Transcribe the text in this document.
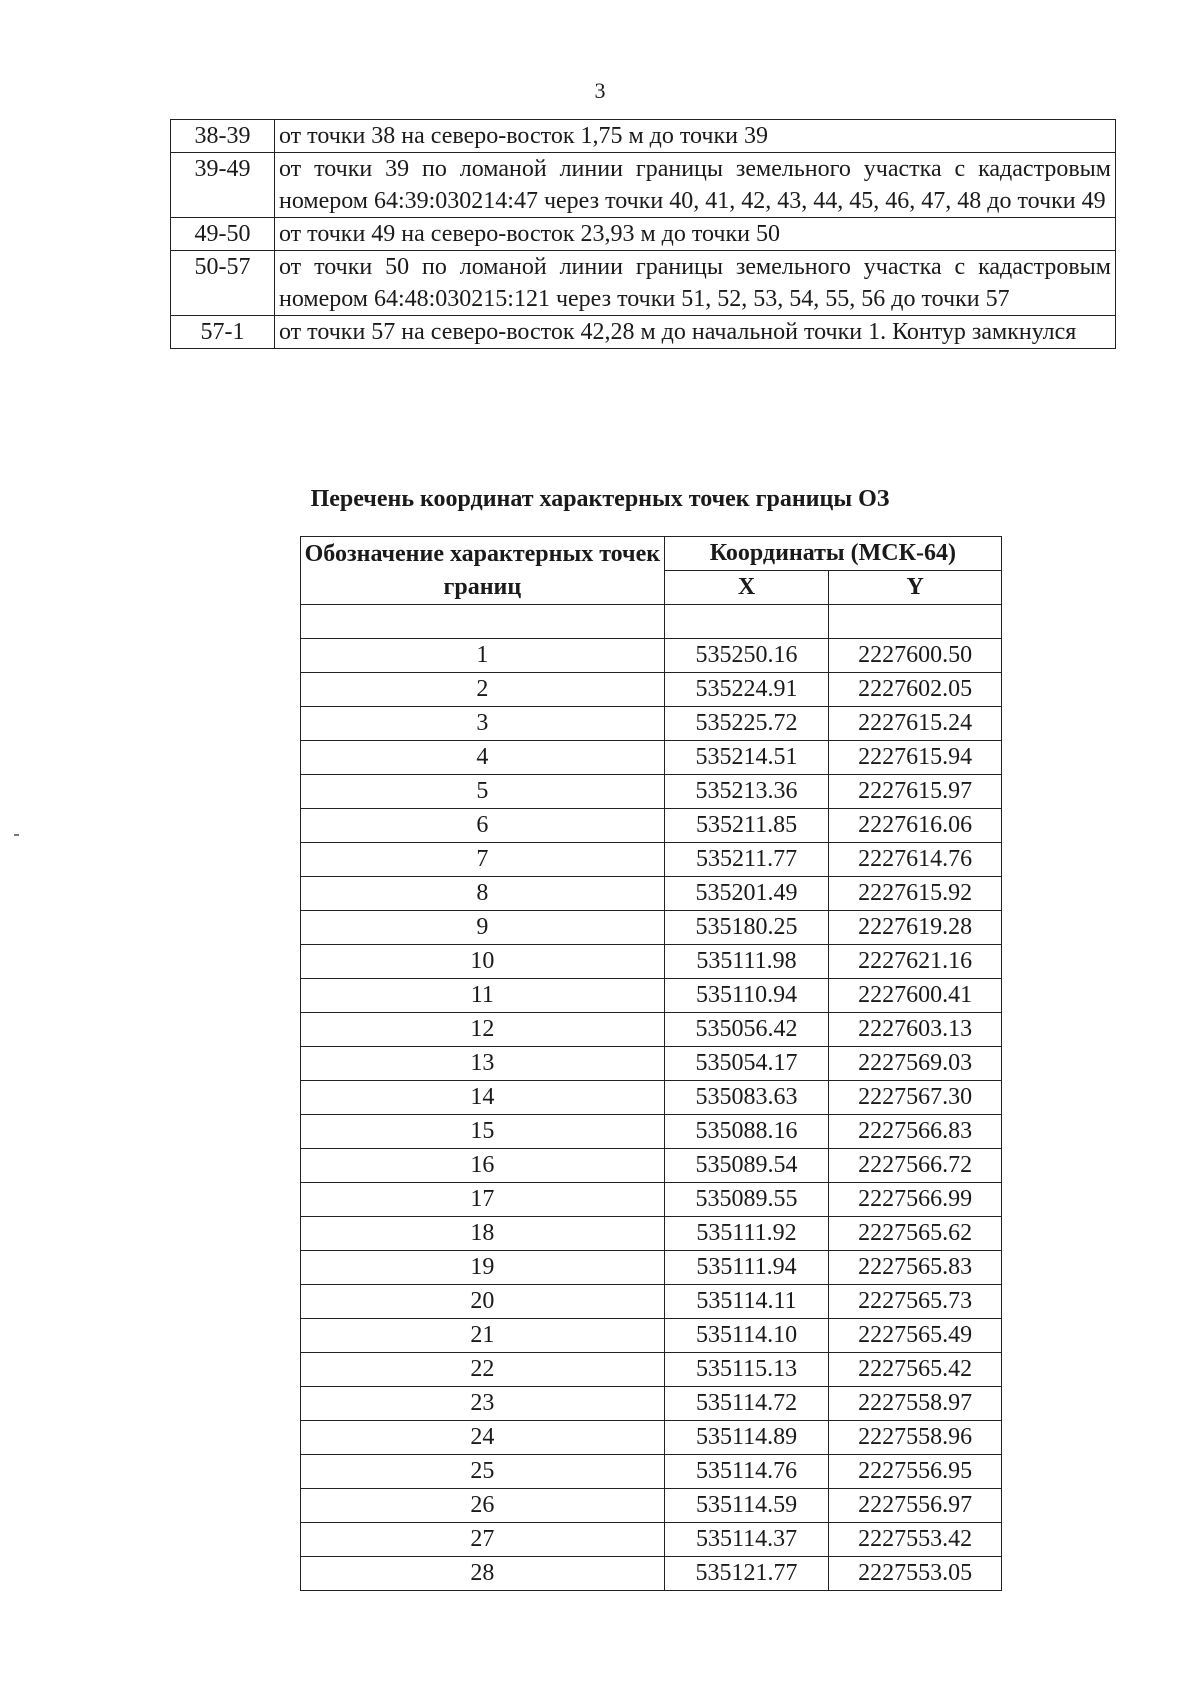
3
38-39	от точки 38 на северо-восток 1,75 м до точки 39
39-49	от точки 39 по ломаной линии границы земельного участка с кадастровым номером 64:39:030214:47 через точки 40, 41, 42, 43, 44, 45, 46, 47, 48 до точки 49
49-50	от точки 49 на северо-восток 23,93 м до точки 50
50-57	от точки 50 по ломаной линии границы земельного участка с кадастровым номером 64:48:030215:121 через точки 51, 52, 53, 54, 55, 56 до точки 57
57-1	от точки 57 на северо-восток 42,28 м до начальной точки 1. Контур замкнулся
Перечень координат характерных точек границы ОЗ
Обозначение характерных точек границ	Координаты (МСК-64)	
	X	Y

1	535250.16	2227600.50
2	535224.91	2227602.05
3	535225.72	2227615.24
4	535214.51	2227615.94
5	535213.36	2227615.97
6	535211.85	2227616.06
7	535211.77	2227614.76
8	535201.49	2227615.92
9	535180.25	2227619.28
10	535111.98	2227621.16
11	535110.94	2227600.41
12	535056.42	2227603.13
13	535054.17	2227569.03
14	535083.63	2227567.30
15	535088.16	2227566.83
16	535089.54	2227566.72
17	535089.55	2227566.99
18	535111.92	2227565.62
19	535111.94	2227565.83
20	535114.11	2227565.73
21	535114.10	2227565.49
22	535115.13	2227565.42
23	535114.72	2227558.97
24	535114.89	2227558.96
25	535114.76	2227556.95
26	535114.59	2227556.97
27	535114.37	2227553.42
28	535121.77	2227553.05
